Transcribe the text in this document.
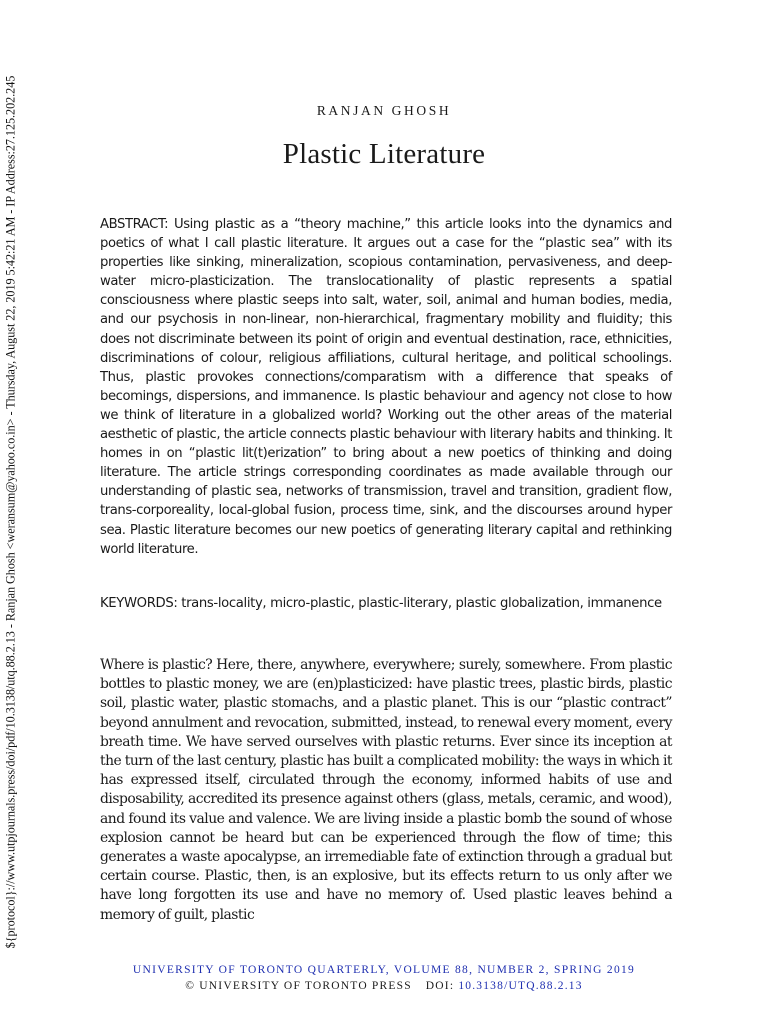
${protocol}://www.utpjournals.press/doi/pdf/10.3138/utq.88.2.13 - Ranjan Ghosh <weransum@yahoo.co.in> - Thursday, August 22, 2019 5:42:21 AM - IP Address:27.125.202.245	RANJAN GHOSH
Plastic Literature

ABSTRACT: Using plastic as a “theory machine,” this article looks into the dynamics and poetics of what I call plastic literature. It argues out a case for the “plastic sea” with its properties like sinking, mineralization, scopious contamination, pervasiveness, and deep-water micro-plasticization. The translocationality of plastic represents a spatial consciousness where plastic seeps into salt, water, soil, animal and human bodies, media, and our psychosis in non-linear, non-hierarchical, fragmentary mobility and fluidity; this does not discriminate between its point of origin and eventual destination, race, ethnicities, discriminations of colour, religious affiliations, cultural heritage, and political schoolings. Thus, plastic provokes connections/comparatism with a difference that speaks of becomings, dispersions, and immanence. Is plastic behaviour and agency not close to how we think of literature in a globalized world? Working out the other areas of the material aesthetic of plastic, the article connects plastic behaviour with literary habits and thinking. It homes in on “plastic lit(t)erization” to bring about a new poetics of thinking and doing literature. The article strings corresponding coordinates as made available through our understanding of plastic sea, networks of transmission, travel and transition, gradient flow, trans-corporeality, local-global fusion, process time, sink, and the discourses around hyper sea. Plastic literature becomes our new poetics of generating literary capital and rethinking world literature.

KEYWORDS: trans-locality, micro-plastic, plastic-literary, plastic globalization, immanence

Where is plastic? Here, there, anywhere, everywhere; surely, somewhere. From plastic bottles to plastic money, we are (en)plasticized: have plastic trees, plastic birds, plastic soil, plastic water, plastic stomachs, and a plastic planet. This is our “plastic contract” beyond annulment and revocation, submitted, instead, to renewal every moment, every breath time. We have served ourselves with plastic returns. Ever since its inception at the turn of the last century, plastic has built a complicated mobility: the ways in which it has expressed itself, circulated through the economy, informed habits of use and disposability, accredited its presence against others (glass, metals, ceramic, and wood), and found its value and valence. We are living inside a plastic bomb the sound of whose explosion cannot be heard but can be experienced through the flow of time; this generates a waste apocalypse, an irremediable fate of extinction through a gradual but certain course. Plastic, then, is an explosive, but its effects return to us only after we have long forgotten its use and have no memory of. Used plastic leaves behind a memory of guilt, plastic

UNIVERSITY OF TORONTO QUARTERLY, VOLUME 88, NUMBER 2, SPRING 2019
© UNIVERSITY OF TORONTO PRESS DOI: 10.3138/UTQ.88.2.13
